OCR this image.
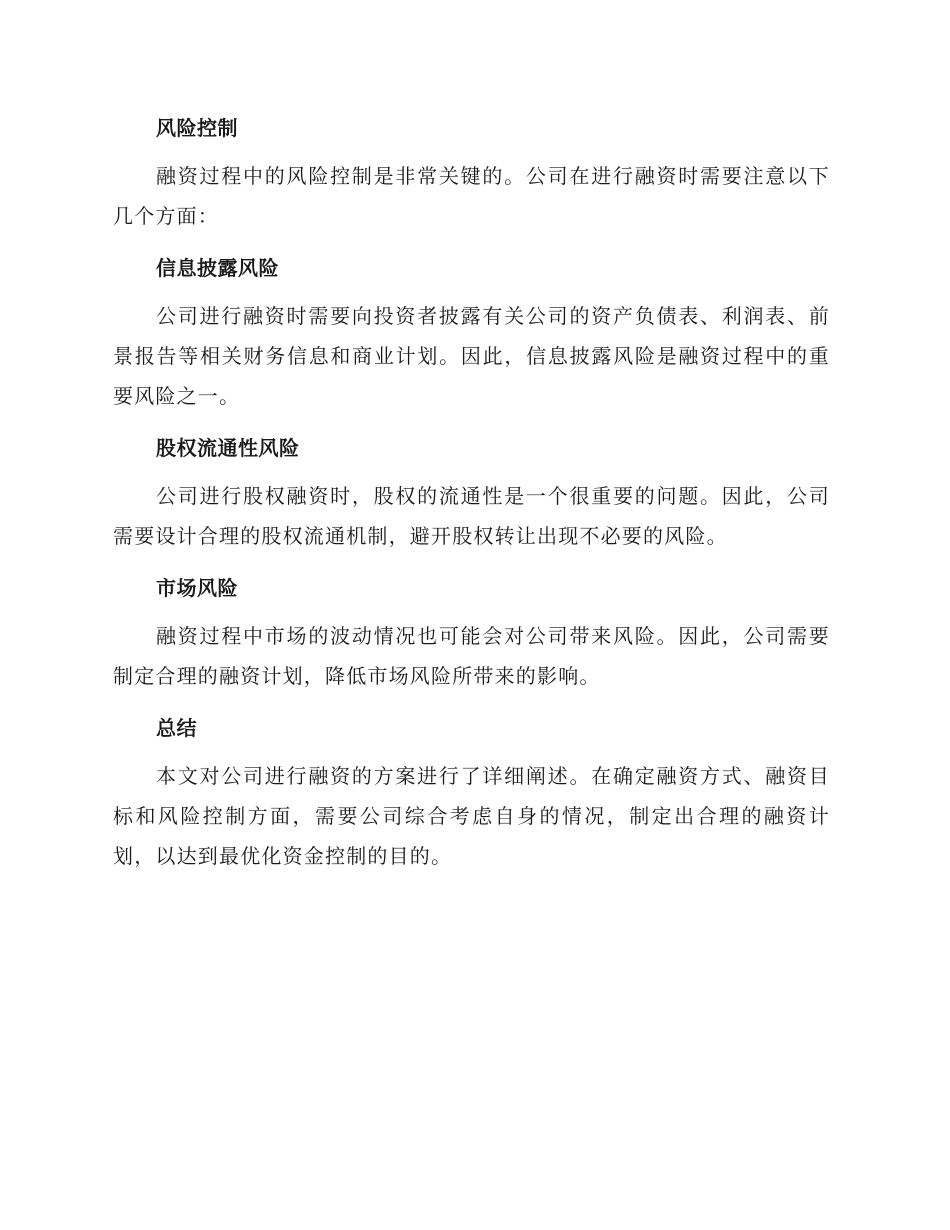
风险控制

融资过程中的风险控制是非常关键的。公司在进行融资时需要注意以下几个方面：

信息披露风险

公司进行融资时需要向投资者披露有关公司的资产负债表、利润表、前景报告等相关财务信息和商业计划。因此，信息披露风险是融资过程中的重要风险之一。

股权流通性风险

公司进行股权融资时，股权的流通性是一个很重要的问题。因此，公司需要设计合理的股权流通机制，避开股权转让出现不必要的风险。

市场风险

融资过程中市场的波动情况也可能会对公司带来风险。因此，公司需要制定合理的融资计划，降低市场风险所带来的影响。

总结

本文对公司进行融资的方案进行了详细阐述。在确定融资方式、融资目标和风险控制方面，需要公司综合考虑自身的情况，制定出合理的融资计划，以达到最优化资金控制的目的。
